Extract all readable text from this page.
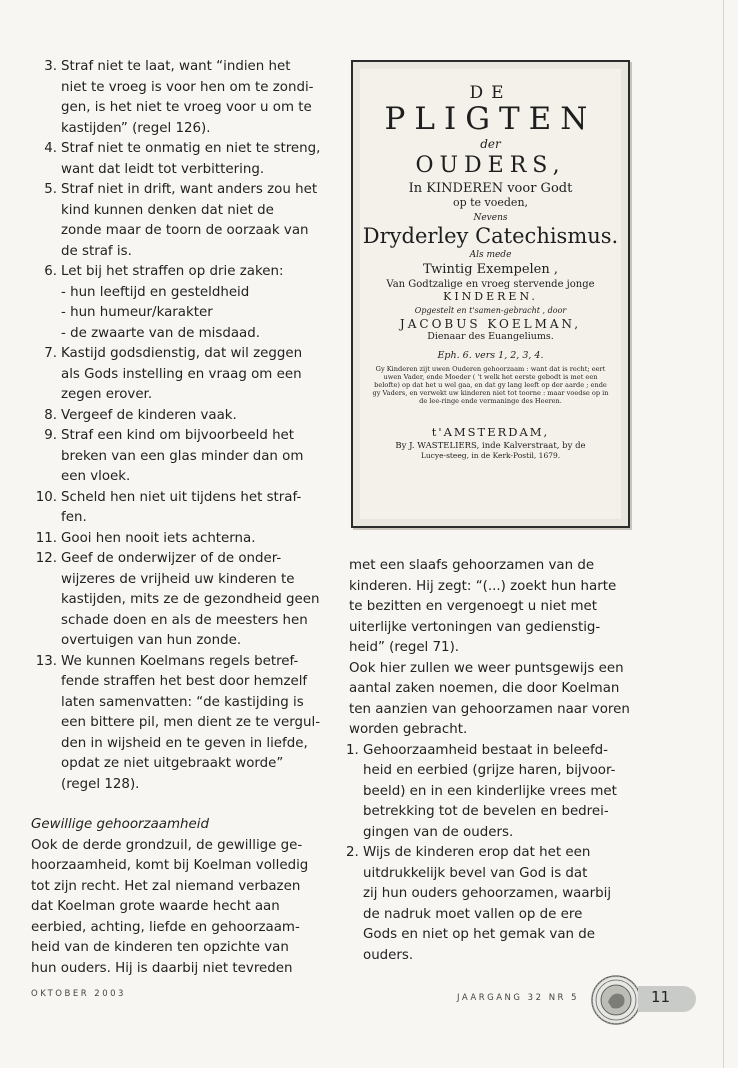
3. Straf niet te laat, want “indien het
niet te vroeg is voor hen om te zondi-
gen, is het niet te vroeg voor u om te
kastijden” (regel 126).
4. Straf niet te onmatig en niet te streng,
want dat leidt tot verbittering.
5. Straf niet in drift, want anders zou het
kind kunnen denken dat niet de
zonde maar de toorn de oorzaak van
de straf is.
6. Let bij het straffen op drie zaken:
- hun leeftijd en gesteldheid
- hun humeur/karakter
- de zwaarte van de misdaad.
7. Kastijd godsdienstig, dat wil zeggen
als Gods instelling en vraag om een
zegen erover.
8. Vergeef de kinderen vaak.
9. Straf een kind om bijvoorbeeld het
breken van een glas minder dan om
een vloek.
10. Scheld hen niet uit tijdens het straf-
fen.
11. Gooi hen nooit iets achterna.
12. Geef de onderwijzer of de onder-
wijzeres de vrijheid uw kinderen te
kastijden, mits ze de gezondheid geen
schade doen en als de meesters hen
overtuigen van hun zonde.
13. We kunnen Koelmans regels betref-
fende straffen het best door hemzelf
laten samenvatten: “de kastijding is
een bittere pil, men dient ze te vergul-
den in wijsheid en te geven in liefde,
opdat ze niet uitgebraakt worde”
(regel 128).
Gewillige gehoorzaamheid

Ook de derde grondzuil, de gewillige ge-
hoorzaamheid, komt bij Koelman volledig
tot zijn recht. Het zal niemand verbazen
dat Koelman grote waarde hecht aan
eerbied, achting, liefde en gehoorzaam-
heid van de kinderen ten opzichte van
hun ouders. Hij is daarbij niet tevreden

DE
PLIGTEN
der
OUDERS,
In KINDEREN voor Godt
op te voeden,
Nevens
Dryderley Catechismus.
Als mede
Twintig Exempelen ,
Van Godtzalige en vroeg stervende jonge
KINDEREN.
Opgestelt en t'samen-gebracht , door
JACOBUS KOELMAN,
Dienaar des Euangeliums.
Eph. 6. vers 1, 2, 3, 4.
Gy Kinderen zijt uwen Ouderen gehoorzaam : want dat is recht; eert uwen Vader, ende Moeder ( 't welk het eerste gebodt is met een belofte) op dat het u wel gaa, en dat gy lang leeft op der aarde ; ende gy Vaders, en verwekt uw kinderen niet tot toorne : maar voedse op in de lee-ringe ende vermaninge des Heeren.
t'AMSTERDAM,
By J. WASTELIERS, inde Kalverstraat, by de
Lucye-steeg, in de Kerk-Postil, 1679.

met een slaafs gehoorzamen van de
kinderen. Hij zegt: “(...) zoekt hun harte
te bezitten en vergenoegt u niet met
uiterlijke vertoningen van gedienstig-
heid” (regel 71).

Ook hier zullen we weer puntsgewijs een
aantal zaken noemen, die door Koelman
ten aanzien van gehoorzamen naar voren
worden gebracht.

1. Gehoorzaamheid bestaat in beleefd-
heid en eerbied (grijze haren, bijvoor-
beeld) en in een kinderlijke vrees met
betrekking tot de bevelen en bedrei-
gingen van de ouders.
2. Wijs de kinderen erop dat het een
uitdrukkelijk bevel van God is dat
zij hun ouders gehoorzamen, waarbij
de nadruk moet vallen op de ere
Gods en niet op het gemak van de
ouders.
OKTOBER 2003	JAARGANG 32 NR 5	11
